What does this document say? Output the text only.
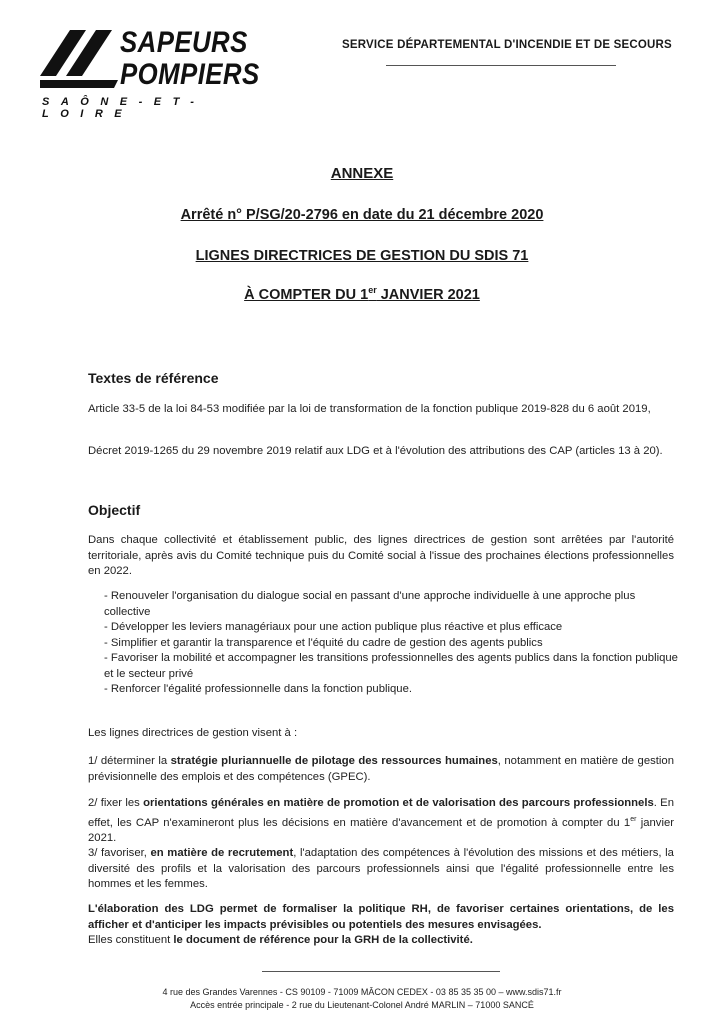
SAPEURS
POMPIERS
SAÔNE-ET-LOIRE
SERVICE DÉPARTEMENTAL D'INCENDIE ET DE SECOURS
ANNEXE
Arrêté n° P/SG/20-2796 en date du 21 décembre 2020
LIGNES DIRECTRICES DE GESTION DU SDIS 71
À COMPTER DU 1er JANVIER 2021
Textes de référence
Article 33-5 de la loi 84-53 modifiée par la loi de transformation de la fonction publique 2019-828 du 6 août 2019,
Décret 2019-1265 du 29 novembre 2019 relatif aux LDG et à l'évolution des attributions des CAP (articles 13 à 20).
Objectif
Dans chaque collectivité et établissement public, des lignes directrices de gestion sont arrêtées par l'autorité territoriale, après avis du Comité technique puis du Comité social à l'issue des prochaines élections professionnelles en 2022.
- Renouveler l'organisation du dialogue social en passant d'une approche individuelle à une approche plus collective
- Développer les leviers managériaux pour une action publique plus réactive et plus efficace
- Simplifier et garantir la transparence et l'équité du cadre de gestion des agents publics
- Favoriser la mobilité et accompagner les transitions professionnelles des agents publics dans la fonction publique et le secteur privé
- Renforcer l'égalité professionnelle dans la fonction publique.
Les lignes directrices de gestion visent à :
1/ déterminer la stratégie pluriannuelle de pilotage des ressources humaines, notamment en matière de gestion prévisionnelle des emplois et des compétences (GPEC).
2/ fixer les orientations générales en matière de promotion et de valorisation des parcours professionnels. En effet, les CAP n'examineront plus les décisions en matière d'avancement et de promotion à compter du 1er janvier 2021.
3/ favoriser, en matière de recrutement, l'adaptation des compétences à l'évolution des missions et des métiers, la diversité des profils et la valorisation des parcours professionnels ainsi que l'égalité professionnelle entre les hommes et les femmes.
L'élaboration des LDG permet de formaliser la politique RH, de favoriser certaines orientations, de les afficher et d'anticiper les impacts prévisibles ou potentiels des mesures envisagées.
Elles constituent le document de référence pour la GRH de la collectivité.
4 rue des Grandes Varennes - CS 90109 - 71009 MÂCON CEDEX - 03 85 35 35 00 – www.sdis71.fr
Accès entrée principale - 2 rue du Lieutenant-Colonel André MARLIN – 71000 SANCÉ
